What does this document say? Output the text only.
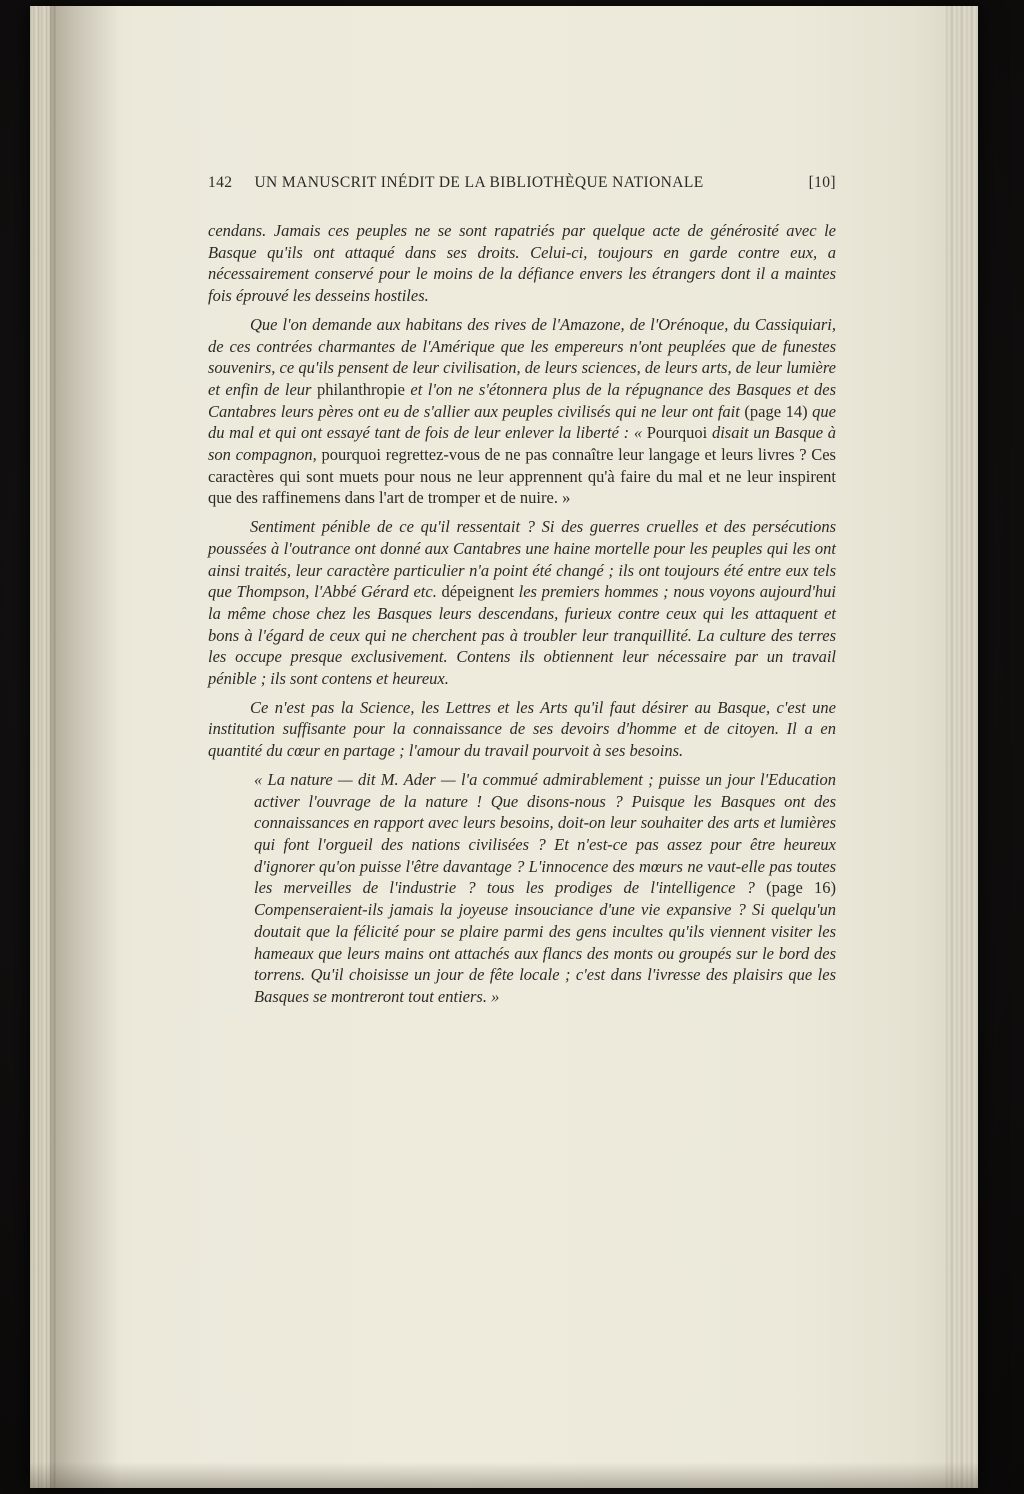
142 UN MANUSCRIT INÉDIT DE LA BIBLIOTHÈQUE NATIONALE	[10]

cendans. Jamais ces peuples ne se sont rapatriés par quelque acte de générosité avec le Basque qu'ils ont attaqué dans ses droits. Celui-ci, toujours en garde contre eux, a nécessairement conservé pour le moins de la défiance envers les étrangers dont il a maintes fois éprouvé les desseins hostiles.

Que l'on demande aux habitans des rives de l'Amazone, de l'Orénoque, du Cassiquiari, de ces contrées charmantes de l'Amérique que les empereurs n'ont peuplées que de funestes souvenirs, ce qu'ils pensent de leur civilisation, de leurs sciences, de leurs arts, de leur lumière et enfin de leur philanthropie et l'on ne s'étonnera plus de la répugnance des Basques et des Cantabres leurs pères ont eu de s'allier aux peuples civilisés qui ne leur ont fait (page 14) que du mal et qui ont essayé tant de fois de leur enlever la liberté : « Pourquoi disait un Basque à son compagnon, pourquoi regrettez-vous de ne pas connaître leur langage et leurs livres ? Ces caractères qui sont muets pour nous ne leur apprennent qu'à faire du mal et ne leur inspirent que des raffinemens dans l'art de tromper et de nuire. »

Sentiment pénible de ce qu'il ressentait ? Si des guerres cruelles et des persécutions poussées à l'outrance ont donné aux Cantabres une haine mortelle pour les peuples qui les ont ainsi traités, leur caractère particulier n'a point été changé ; ils ont toujours été entre eux tels que Thompson, l'Abbé Gérard etc. dépeignent les premiers hommes ; nous voyons aujourd'hui la même chose chez les Basques leurs descendans, furieux contre ceux qui les attaquent et bons à l'égard de ceux qui ne cherchent pas à troubler leur tranquillité. La culture des terres les occupe presque exclusivement. Contens ils obtiennent leur nécessaire par un travail pénible ; ils sont contens et heureux.

Ce n'est pas la Science, les Lettres et les Arts qu'il faut désirer au Basque, c'est une institution suffisante pour la connaissance de ses devoirs d'homme et de citoyen. Il a en quantité du cœur en partage ; l'amour du travail pourvoit à ses besoins.

« La nature — dit M. Ader — l'a commué admirablement ; puisse un jour l'Education activer l'ouvrage de la nature ! Que disons-nous ? Puisque les Basques ont des connaissances en rapport avec leurs besoins, doit-on leur souhaiter des arts et lumières qui font l'orgueil des nations civilisées ? Et n'est-ce pas assez pour être heureux d'ignorer qu'on puisse l'être davantage ? L'innocence des mœurs ne vaut-elle pas toutes les merveilles de l'industrie ? tous les prodiges de l'intelligence ? (page 16) Compenseraient-ils jamais la joyeuse insouciance d'une vie expansive ? Si quelqu'un doutait que la félicité pour se plaire parmi des gens incultes qu'ils viennent visiter les hameaux que leurs mains ont attachés aux flancs des monts ou groupés sur le bord des torrens. Qu'il choisisse un jour de fête locale ; c'est dans l'ivresse des plaisirs que les Basques se montreront tout entiers. »
